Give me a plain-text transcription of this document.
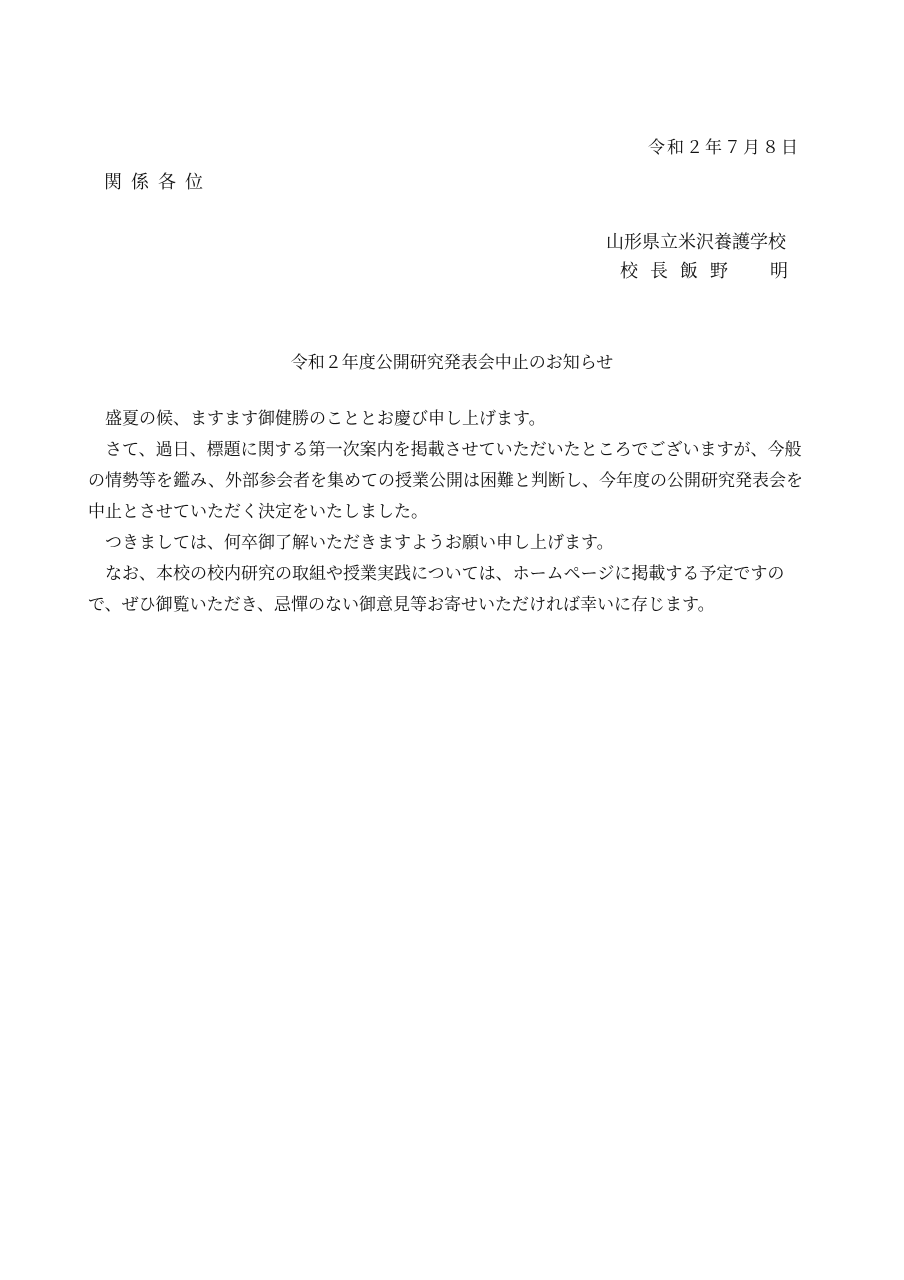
令和２年７月８日
関係各位
山形県立米沢養護学校
校長飯野　明
令和２年度公開研究発表会中止のお知らせ

盛夏の候、ますます御健勝のこととお慶び申し上げます。

さて、過日、標題に関する第一次案内を掲載させていただいたところでございますが、今般の情勢等を鑑み、外部参会者を集めての授業公開は困難と判断し、今年度の公開研究発表会を中止とさせていただく決定をいたしました。

つきましては、何卒御了解いただきますようお願い申し上げます。

なお、本校の校内研究の取組や授業実践については、ホームページに掲載する予定ですので、ぜひ御覧いただき、忌憚のない御意見等お寄せいただければ幸いに存じます。
